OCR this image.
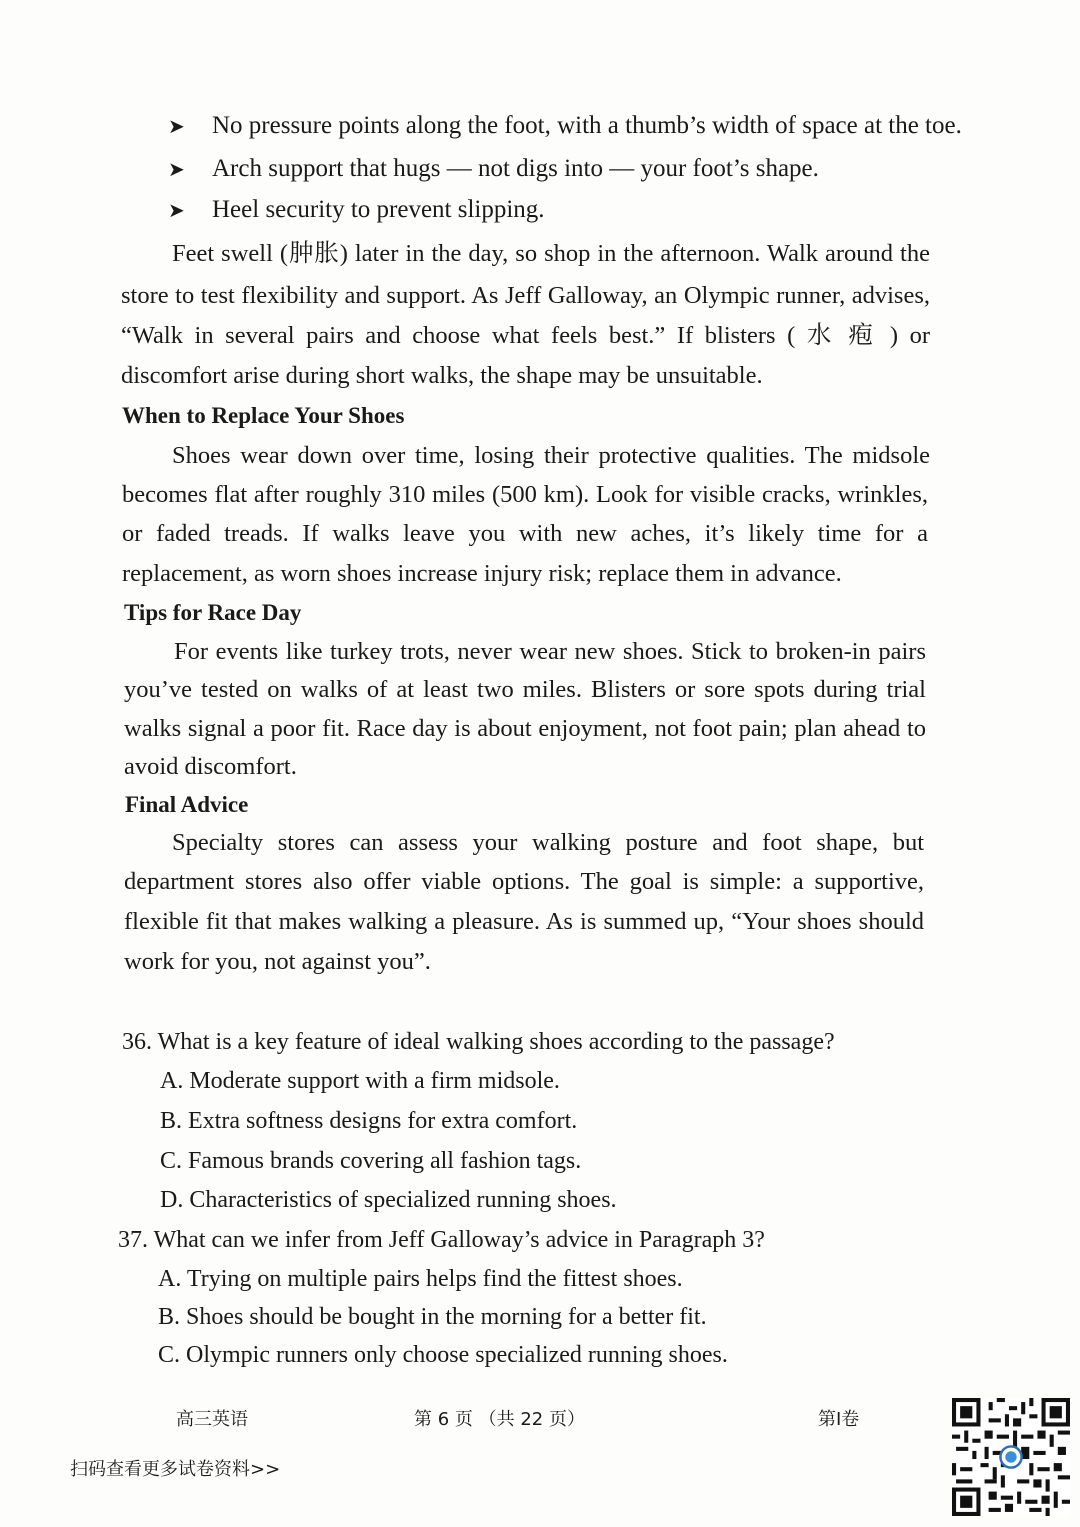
➤ No pressure points along the foot, with a thumb’s width of space at the toe.
➤ Arch support that hugs — not digs into — your foot’s shape.
➤ Heel security to prevent slipping.
Feet swell (肿胀) later in the day, so shop in the afternoon. Walk around the
store to test flexibility and support. As Jeff Galloway, an Olympic runner, advises,
“Walk in several pairs and choose what feels best.” If blisters ( 水 疱 ) or
discomfort arise during short walks, the shape may be unsuitable.
When to Replace Your Shoes
Shoes wear down over time, losing their protective qualities. The midsole
becomes flat after roughly 310 miles (500 km). Look for visible cracks, wrinkles,
or faded treads. If walks leave you with new aches, it’s likely time for a
replacement, as worn shoes increase injury risk; replace them in advance.
Tips for Race Day
For events like turkey trots, never wear new shoes. Stick to broken-in pairs
you’ve tested on walks of at least two miles. Blisters or sore spots during trial
walks signal a poor fit. Race day is about enjoyment, not foot pain; plan ahead to
avoid discomfort.
Final Advice
Specialty stores can assess your walking posture and foot shape, but
department stores also offer viable options. The goal is simple: a supportive,
flexible fit that makes walking a pleasure. As is summed up, “Your shoes should
work for you, not against you”.
36. What is a key feature of ideal walking shoes according to the passage?
A. Moderate support with a firm midsole.
B. Extra softness designs for extra comfort.
C. Famous brands covering all fashion tags.
D. Characteristics of specialized running shoes.
37. What can we infer from Jeff Galloway’s advice in Paragraph 3?
A. Trying on multiple pairs helps find the fittest shoes.
B. Shoes should be bought in the morning for a better fit.
C. Olympic runners only choose specialized running shoes.
高三英语	第 6 页 （共 22 页）	第I卷
扫码查看更多试卷资料>>
